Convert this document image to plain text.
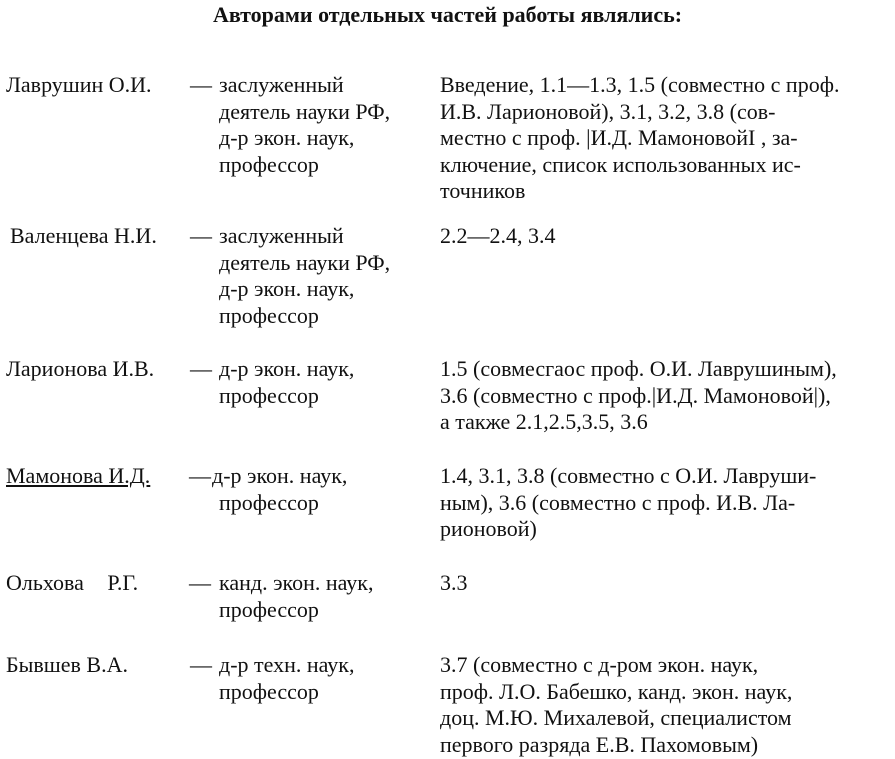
Авторами отдельных частей работы являлись:
Лаврушин О.И. — заслуженный
деятель науки РФ,
д-р экон. наук,
профессор
Введение, 1.1—1.3, 1.5 (совместно с проф.
И.В. Ларионовой), 3.1, 3.2, 3.8 (сов-
местно с проф. |И.Д. МамоновойI , за-
ключение, список использованных ис-
точников
Валенцева Н.И. — заслуженный
деятель науки РФ,
д-р экон. наук,
профессор
2.2—2.4, 3.4
Ларионова И.В. — д-р экон. наук,
профессор
1.5 (совмесгаос проф. О.И. Лаврушиным),
3.6 (совместно с проф.|И.Д. Мамоновой|),
а также 2.1,2.5,3.5, 3.6
Мамонова И.Д. — д-р экон. наук,
профессор
1.4, 3.1, 3.8 (совместно с О.И. Лавруши-
ным), 3.6 (совместно с проф. И.В. Ла-
рионовой)
Ольхова Р.Г. — канд. экон. наук,
профессор
3.3
Бывшев В.А.	— д-р техн. наук,
профессор
3.7 (совместно с д-ром экон. наук,
проф. Л.О. Бабешко, канд. экон. наук,
доц. М.Ю. Михалевой, специалистом
первого разряда Е.В. Пахомовым)
